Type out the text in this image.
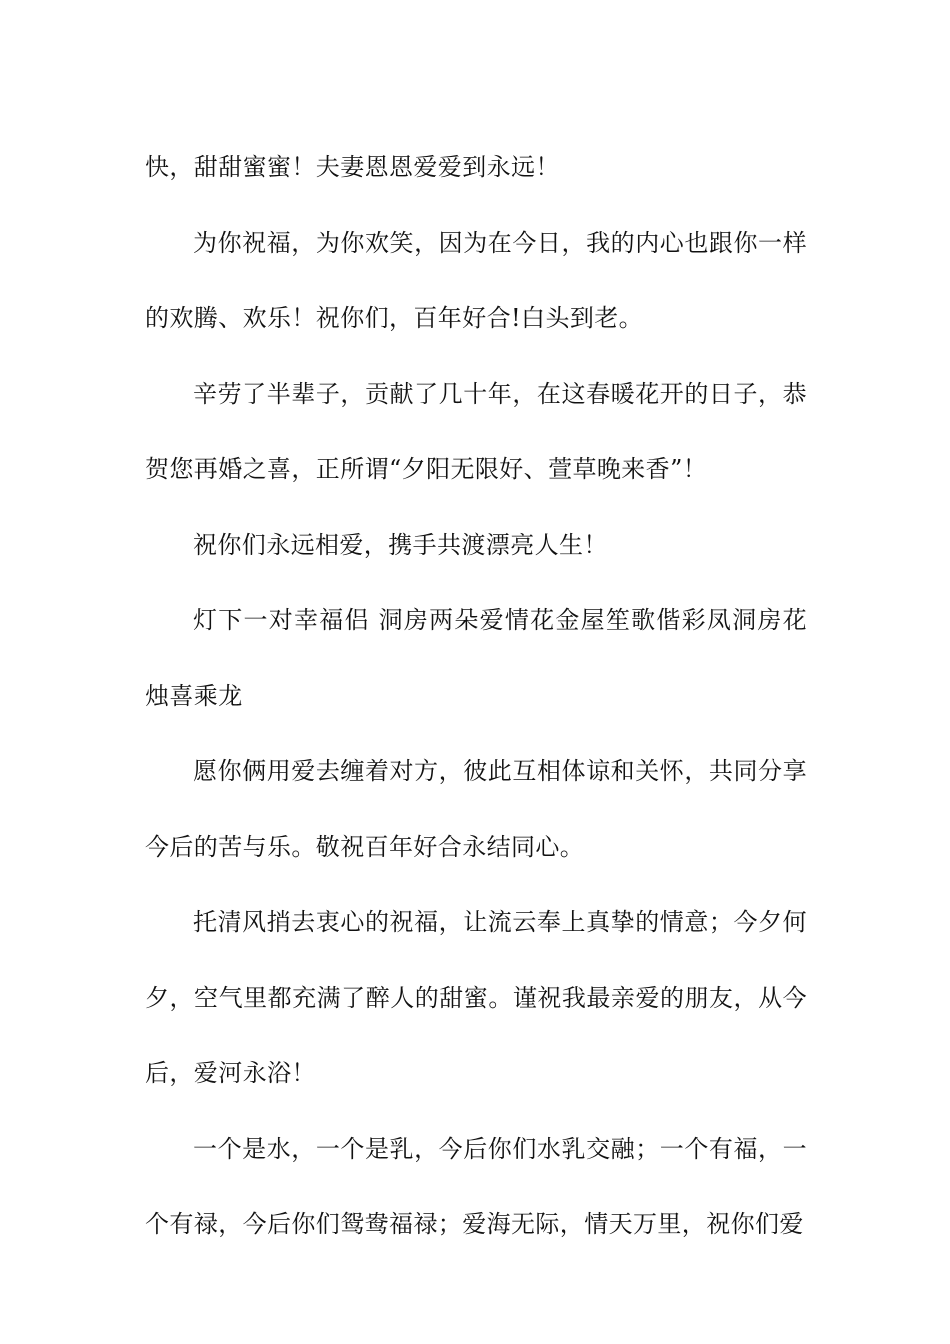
快，甜甜蜜蜜！夫妻恩恩爱爱到永远！

为你祝福，为你欢笑，因为在今日，我的内心也跟你一样的欢腾、欢乐！祝你们，百年好合!白头到老。

辛劳了半辈子，贡献了几十年，在这春暖花开的日子，恭贺您再婚之喜，正所谓“夕阳无限好、萱草晚来香”！

祝你们永远相爱，携手共渡漂亮人生！

灯下一对幸福侣 洞房两朵爱情花金屋笙歌偕彩凤洞房花烛喜乘龙

愿你俩用爱去缠着对方，彼此互相体谅和关怀，共同分享今后的苦与乐。敬祝百年好合永结同心。

托清风捎去衷心的祝福，让流云奉上真挚的情意；今夕何夕，空气里都充满了醉人的甜蜜。谨祝我最亲爱的朋友，从今后，爱河永浴！

一个是水，一个是乳，今后你们水乳交融；一个有福，一个有禄，今后你们鸳鸯福禄；爱海无际，情天万里，祝你们爱
